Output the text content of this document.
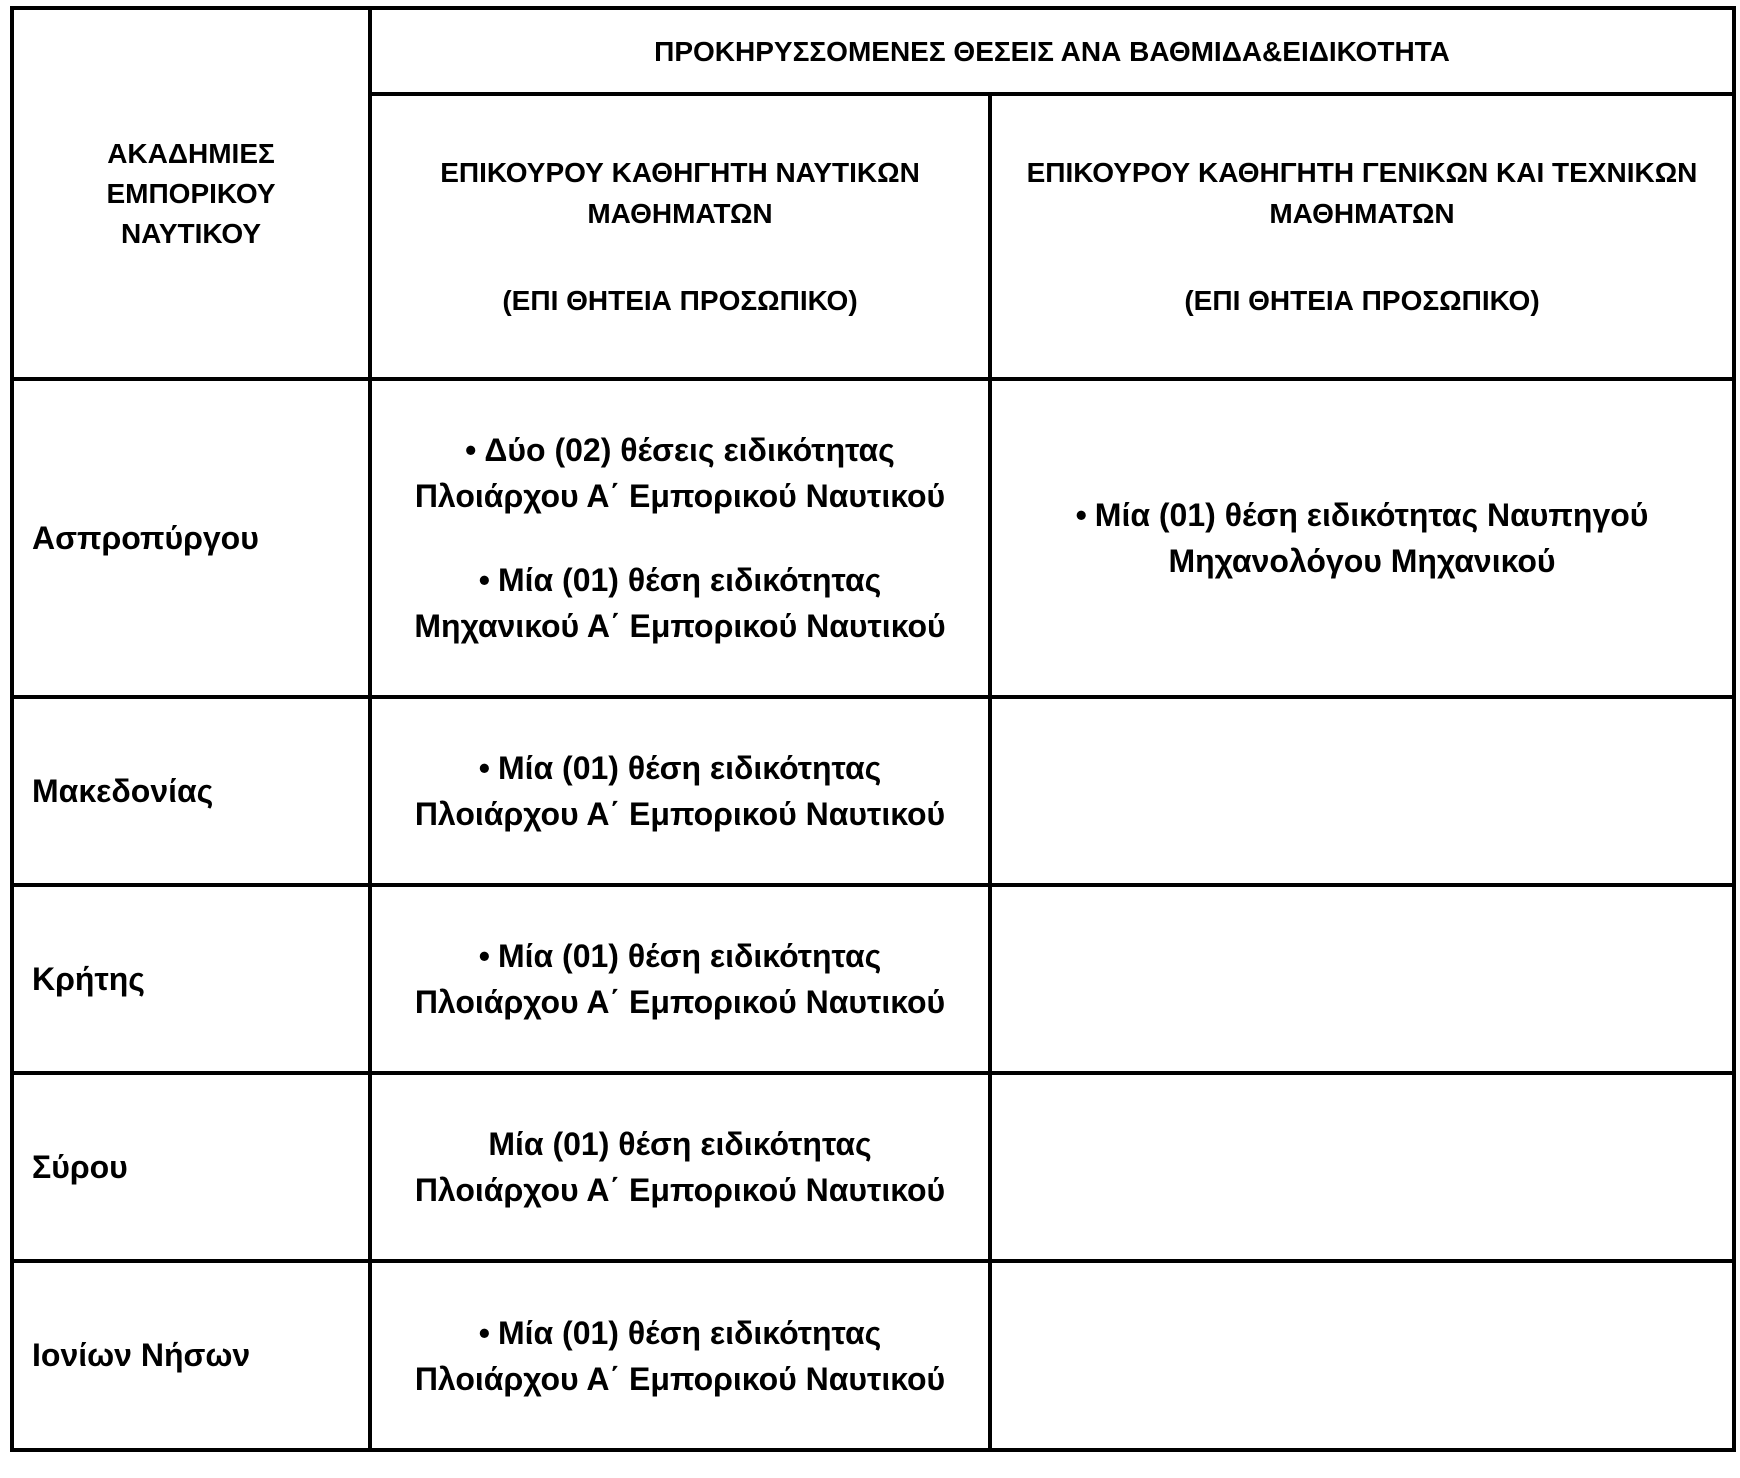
ΑΚΑΔΗΜΙΕΣ
ΕΜΠΟΡΙΚΟΥ
ΝΑΥΤΙΚΟΥ	ΠΡΟΚΗΡΥΣΣΟΜΕΝΕΣ ΘΕΣΕΙΣ ΑΝΑ ΒΑΘΜΙΔΑ&ΕΙΔΙΚΟΤΗΤΑ	

	ΕΠΙΚΟΥΡΟΥ ΚΑΘΗΓΗΤΗ ΝΑΥΤΙΚΩΝ
ΜΑΘΗΜΑΤΩΝ
(ΕΠΙ ΘΗΤΕΙΑ ΠΡΟΣΩΠΙΚΟ)	ΕΠΙΚΟΥΡΟΥ ΚΑΘΗΓΗΤΗ ΓΕΝΙΚΩΝ ΚΑΙ ΤΕΧΝΙΚΩΝ
ΜΑΘΗΜΑΤΩΝ
(ΕΠΙ ΘΗΤΕΙΑ ΠΡΟΣΩΠΙΚΟ)

Ασπροπύργου	• Δύο (02) θέσεις ειδικότητας
Πλοιάρχου Α΄ Εμπορικού Ναυτικού
• Μία (01) θέση ειδικότητας
Μηχανικού Α΄ Εμπορικού Ναυτικού	• Μία (01) θέση ειδικότητας Ναυπηγού
Μηχανολόγου Μηχανικού

Μακεδονίας	• Μία (01) θέση ειδικότητας
Πλοιάρχου Α΄ Εμπορικού Ναυτικού	

Κρήτης	• Μία (01) θέση ειδικότητας
Πλοιάρχου Α΄ Εμπορικού Ναυτικού	

Σύρου	Μία (01) θέση ειδικότητας
Πλοιάρχου Α΄ Εμπορικού Ναυτικού	

Ιονίων Νήσων	• Μία (01) θέση ειδικότητας
Πλοιάρχου Α΄ Εμπορικού Ναυτικού	
